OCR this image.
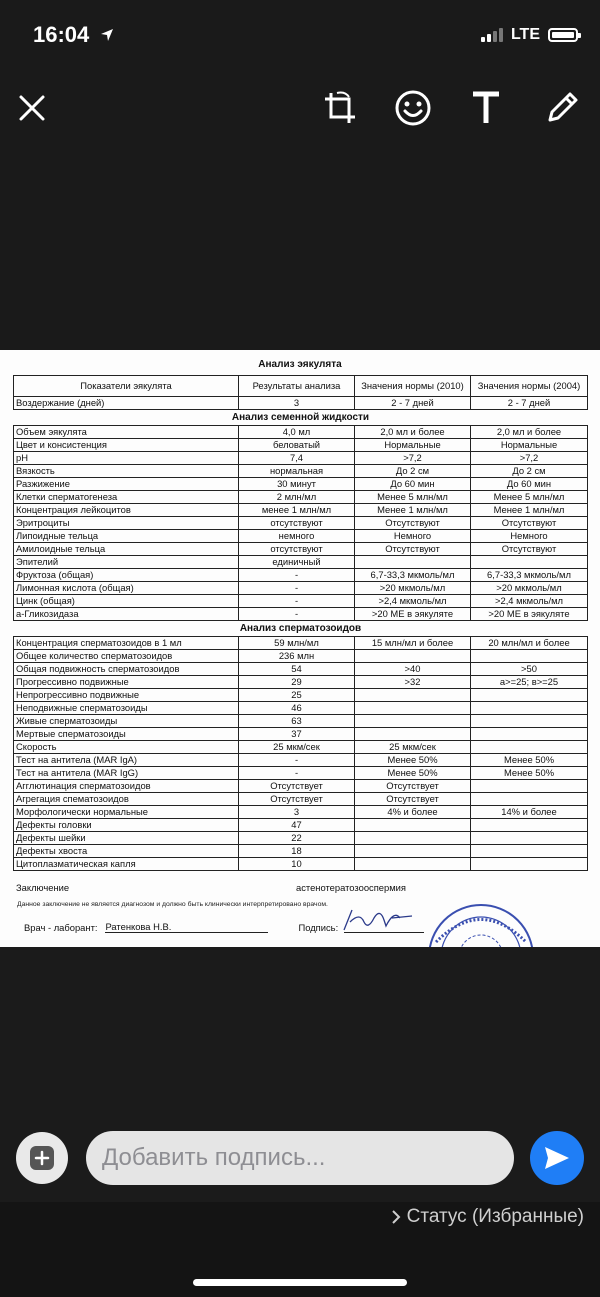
16:04	LTE
Анализ эякулята
Показатели эякулята	Результаты анализа	Значения нормы (2010)	Значения нормы (2004)
Воздержание (дней)	3	2 - 7 дней	2 - 7 дней
Анализ семенной жидкости			
Объем эякулята	4,0 мл	2,0 мл и более	2,0 мл и более
Цвет и консистенция	беловатый	Нормальные	Нормальные
pH	7,4	>7,2	>7,2
Вязкость	нормальная	До 2 см	До 2 см
Разжижение	30 минут	До 60 мин	До 60 мин
Клетки сперматогенеза	2 млн/мл	Менее 5 млн/мл	Менее 5 млн/мл
Концентрация лейкоцитов	менее 1 млн/мл	Менее 1 млн/мл	Менее 1 млн/мл
Эритроциты	отсутствуют	Отсутствуют	Отсутствуют
Липоидные тельца	немного	Немного	Немного
Амилоидные тельца	отсутствуют	Отсутствуют	Отсутствуют
Эпителий	единичный		
Фруктоза (общая)	-	6,7-33,3 мкмоль/мл	6,7-33,3 мкмоль/мл
Лимонная кислота (общая)	-	>20 мкмоль/мл	>20 мкмоль/мл
Цинк (общая)	-	>2,4 мкмоль/мл	>2,4 мкмоль/мл
а-Гликозидаза	-	>20 МЕ в эякуляте	>20 МЕ в эякуляте
Анализ сперматозоидов			
Концентрация сперматозоидов в 1 мл	59 млн/мл	15 млн/мл и более	20 млн/мл и более
Общее количество сперматозоидов	236 млн		
Общая подвижность сперматозоидов	54	>40	>50
Прогрессивно подвижные	29	>32	а>=25; в>=25
Непрогрессивно подвижные	25		
Неподвижные сперматозоиды	46		
Живые сперматозоиды	63		
Мертвые сперматозоиды	37		
Скорость	25 мкм/сек	25 мкм/сек	
Тест на антитела (MAR IgA)	-	Менее 50%	Менее 50%
Тест на антитела (MAR IgG)	-	Менее 50%	Менее 50%
Агглютинация сперматозоидов	Отсутствует	Отсутствует	
Агрегация спематозоидов	Отсутствует	Отсутствует	
Морфологически нормальные	3	4% и более	14% и более
Дефекты головки	47		
Дефекты шейки	22		
Дефекты хвоста	18		
Цитоплазматическая капля	10		
Заключение	астенотератозооспермия
Данное заключение не является диагнозом и должно быть клинически интерпретировано врачом.
Врач - лаборант: Ратенкова Н.В.	Подпись:
Добавить подпись...
Статус (Избранные)
